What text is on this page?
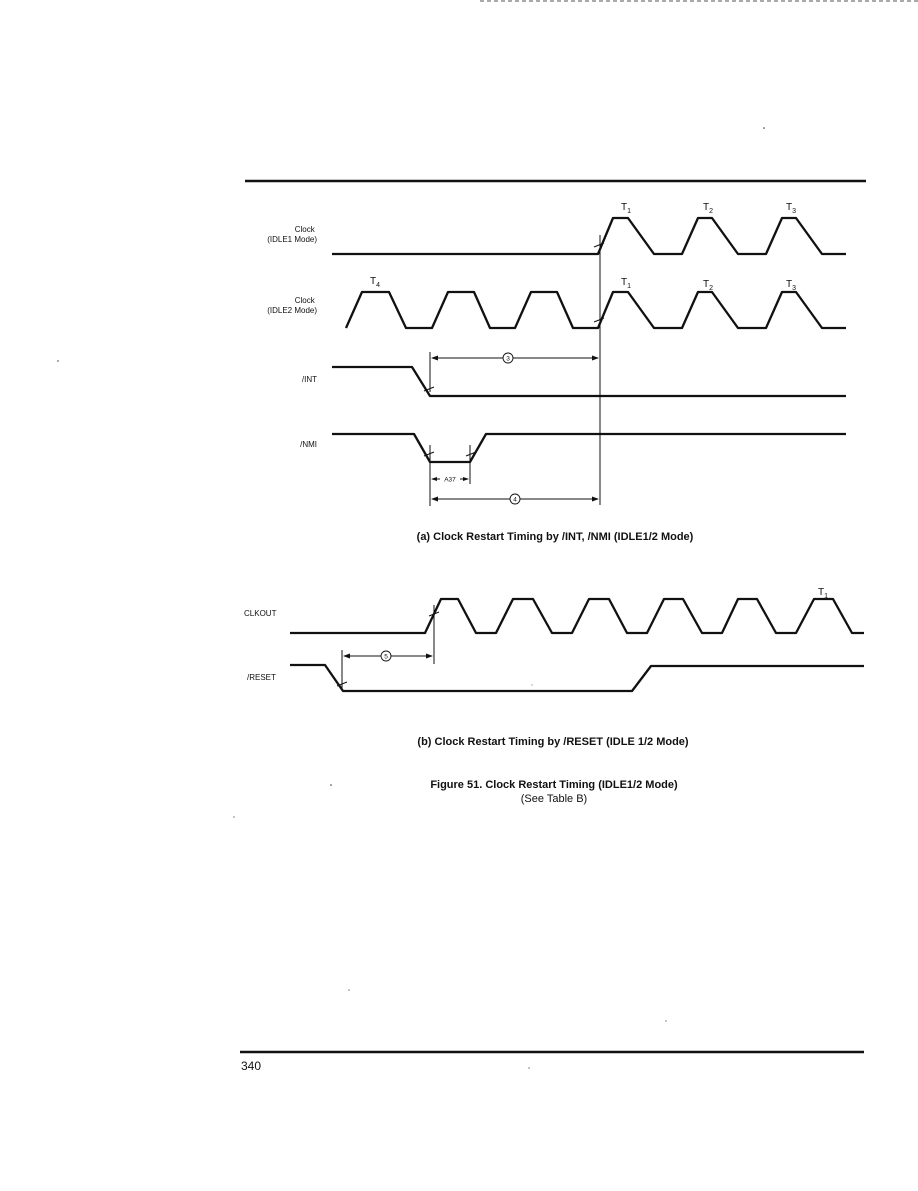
Clock (IDLE1 Mode)
$T_1$	$T_2$	$T_3$
Clock (IDLE2 Mode)
$T_4$	$T_1$	$T_2$	$T_3$
/INT
3
/NMI
A37
4
(a) Clock Restart Timing by /INT, /NMI (IDLE1/2 Mode)
CLKOUT
$T_1$
/RESET
5
(b) Clock Restart Timing by /RESET (IDLE 1/2 Mode)
Figure 51. Clock Restart Timing (IDLE1/2 Mode)
(See Table B)
340
